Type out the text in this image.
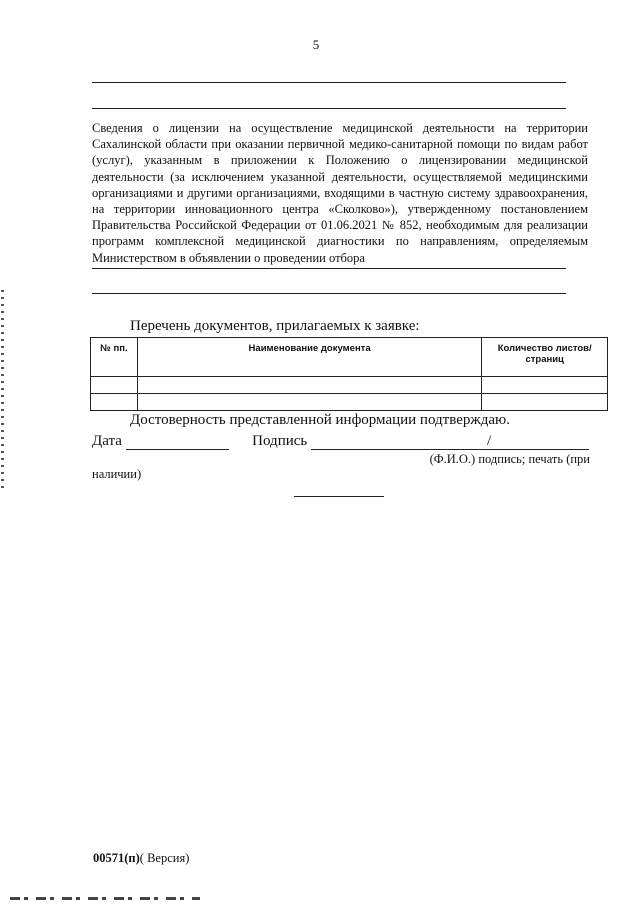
5
Сведения о лицензии на осуществление медицинской деятельности на территории Сахалинской области при оказании первичной медико-санитарной помощи по видам работ (услуг), указанным в приложении к Положению о лицензировании медицинской деятельности (за исключением указанной деятельности, осуществляемой медицинскими организациями и другими организациями, входящими в частную систему здравоохранения, на территории инновационного центра «Сколково»), утвержденному постановлением Правительства Российской Федерации от 01.06.2021 № 852, необходимым для реализации программ комплексной медицинской диагностики по направлениям, определяемым Министерством в объявлении о проведении отбора
Перечень документов, прилагаемых к заявке:
№ пп.	Наименование документа	Количество листов/страниц

Достоверность представленной информации подтверждаю.
Дата	Подпись	/
(Ф.И.О.) подпись; печать (при
наличии)
00571(п)( Версия)
